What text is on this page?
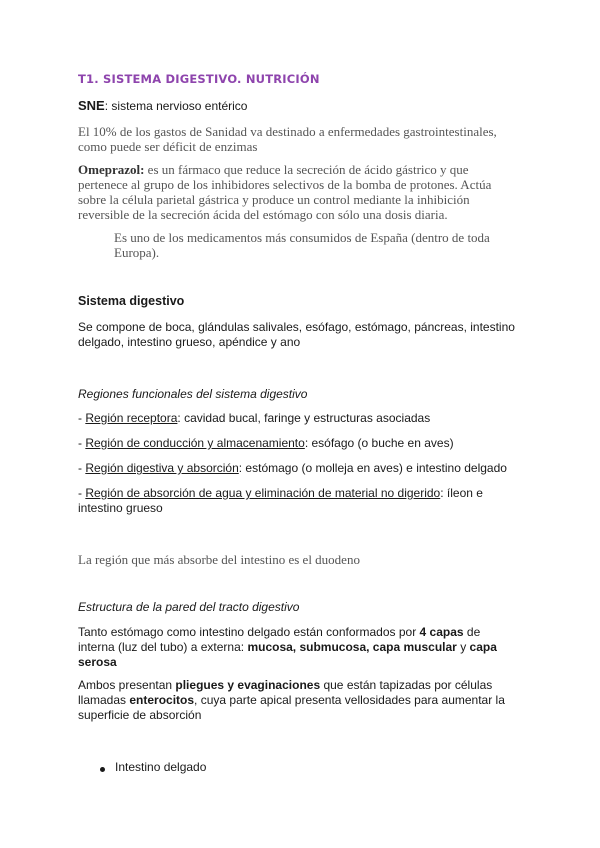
T1. SISTEMA DIGESTIVO. NUTRICIÓN

SNE: sistema nervioso entérico

El 10% de los gastos de Sanidad va destinado a enfermedades gastrointestinales, como puede ser déficit de enzimas

Omeprazol: es un fármaco que reduce la secreción de ácido gástrico y que pertenece al grupo de los inhibidores selectivos de la bomba de protones. Actúa sobre la célula parietal gástrica y produce un control mediante la inhibición reversible de la secreción ácida del estómago con sólo una dosis diaria.

Es uno de los medicamentos más consumidos de España (dentro de toda Europa).

Sistema digestivo

Se compone de boca, glándulas salivales, esófago, estómago, páncreas, intestino delgado, intestino grueso, apéndice y ano

Regiones funcionales del sistema digestivo

- Región receptora: cavidad bucal, faringe y estructuras asociadas

- Región de conducción y almacenamiento: esófago (o buche en aves)

- Región digestiva y absorción: estómago (o molleja en aves) e intestino delgado

- Región de absorción de agua y eliminación de material no digerido: íleon e intestino grueso

La región que más absorbe del intestino es el duodeno

Estructura de la pared del tracto digestivo

Tanto estómago como intestino delgado están conformados por 4 capas de interna (luz del tubo) a externa: mucosa, submucosa, capa muscular y capa serosa

Ambos presentan pliegues y evaginaciones que están tapizadas por células llamadas enterocitos, cuya parte apical presenta vellosidades para aumentar la superficie de absorción

Intestino delgado
